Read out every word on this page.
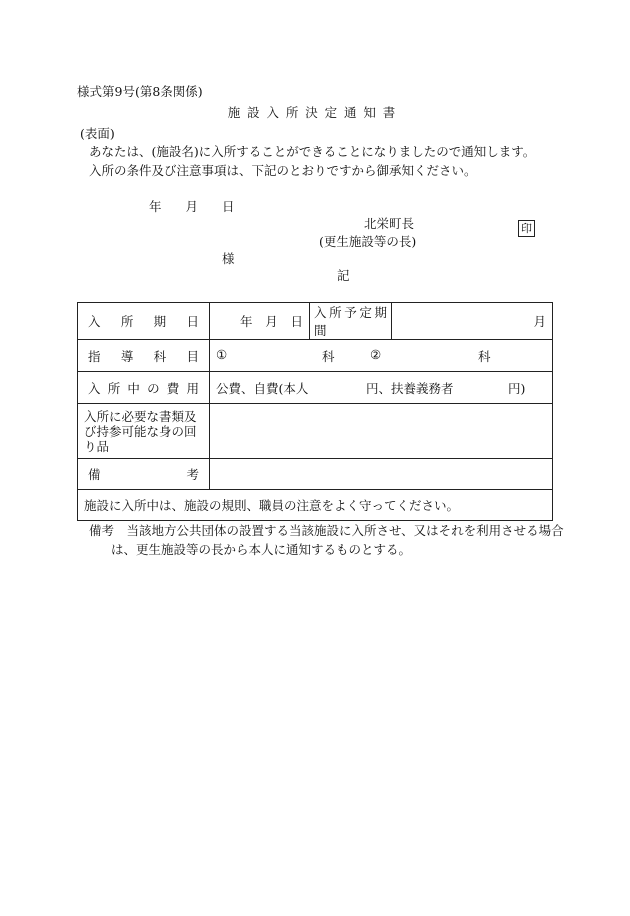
様式第9号(第8条関係)
施設入所決定通知書
(表面)
あなたは、(施設名)に入所することができることになりましたので通知します。
入所の条件及び注意事項は、下記のとおりですから御承知ください。
年 月 日
北栄町長
(更生施設等の長)
印
様
記
入所期日	年 月 日	入所予定期間	月
指導科目	① 科 ② 科		

入所中の費用	公費、自費(本人 円、扶養義務者 円)		

入所に必要な書類及び持参可能な身の回り品			
備考			
施設に入所中は、施設の規則、職員の注意をよく守ってください。			
備考　当該地方公共団体の設置する当該施設に入所させ、又はそれを利用させる場合
は、更生施設等の長から本人に通知するものとする。
